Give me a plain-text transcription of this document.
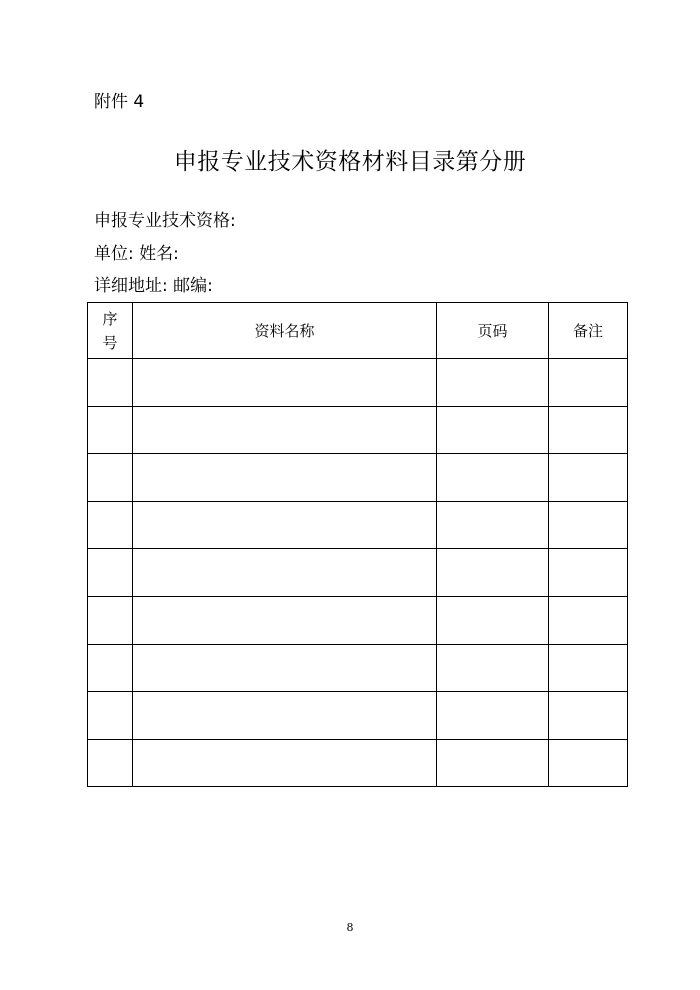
附件 4
申报专业技术资格材料目录第分册
申报专业技术资格:
单位: 姓名:
详细地址: 邮编:
序号	资料名称	页码	备注

8
